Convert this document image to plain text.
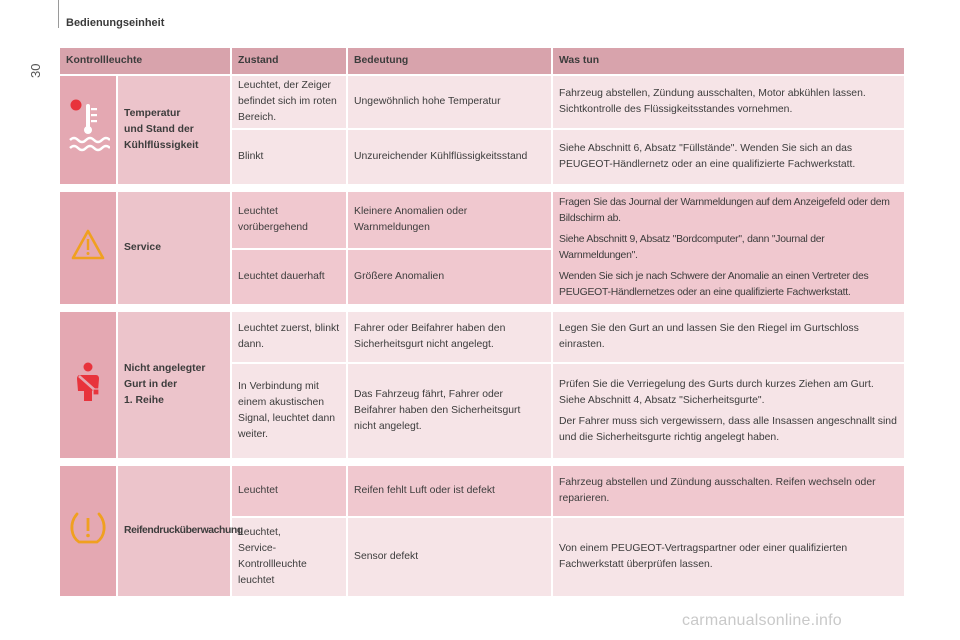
Bedienungseinheit
30
Kontrollleuchte		Zustand	Bedeutung	Was tun
	Temperatur
und Stand der
Kühlflüssigkeit	Leuchtet, der Zeiger befindet sich im roten Bereich.	Ungewöhnlich hohe Temperatur	Fahrzeug abstellen, Zündung ausschalten, Motor abkühlen lassen. Sichtkontrolle des Flüssigkeitsstandes vornehmen.

		Blinkt	Unzureichender Kühlflüssigkeitsstand	Siehe Abschnitt 6, Absatz "Füllstände". Wenden Sie sich an das PEUGEOT-Händlernetz oder an eine qualifizierte Fachwerkstatt.

	Service	Leuchtet vorübergehend	Kleinere Anomalien oder Warnmeldungen	Fragen Sie das Journal der Warnmeldungen auf dem Anzeigefeld oder dem Bildschirm ab.
Siehe Abschnitt 9, Absatz "Bordcomputer", dann "Journal der Warnmeldungen".
Wenden Sie sich je nach Schwere der Anomalie an einen Vertreter des PEUGEOT-Händlernetzes oder an eine qualifizierte Fachwerkstatt.

		Leuchtet dauerhaft	Größere Anomalien	

	Nicht angelegter
Gurt in der
1. Reihe	Leuchtet zuerst, blinkt dann.	Fahrer oder Beifahrer haben den Sicherheitsgurt nicht angelegt.	Legen Sie den Gurt an und lassen Sie den Riegel im Gurtschloss einrasten.

		In Verbindung mit einem akustischen Signal, leuchtet dann weiter.	Das Fahrzeug fährt, Fahrer oder Beifahrer haben den Sicherheitsgurt nicht angelegt.	Prüfen Sie die Verriegelung des Gurts durch kurzes Ziehen am Gurt. Siehe Abschnitt 4, Absatz "Sicherheitsgurte".
Der Fahrer muss sich vergewissern, dass alle Insassen angeschnallt sind und die Sicherheitsgurte richtig angelegt haben.

	Reifendrucküberwachung	Leuchtet	Reifen fehlt Luft oder ist defekt	Fahrzeug abstellen und Zündung ausschalten. Reifen wechseln oder reparieren.

		Leuchtet,
Service-
Kontrollleuchte
leuchtet	Sensor defekt	Von einem PEUGEOT-Vertragspartner oder einer qualifizierten Fachwerkstatt überprüfen lassen.
carmanualsonline.info
